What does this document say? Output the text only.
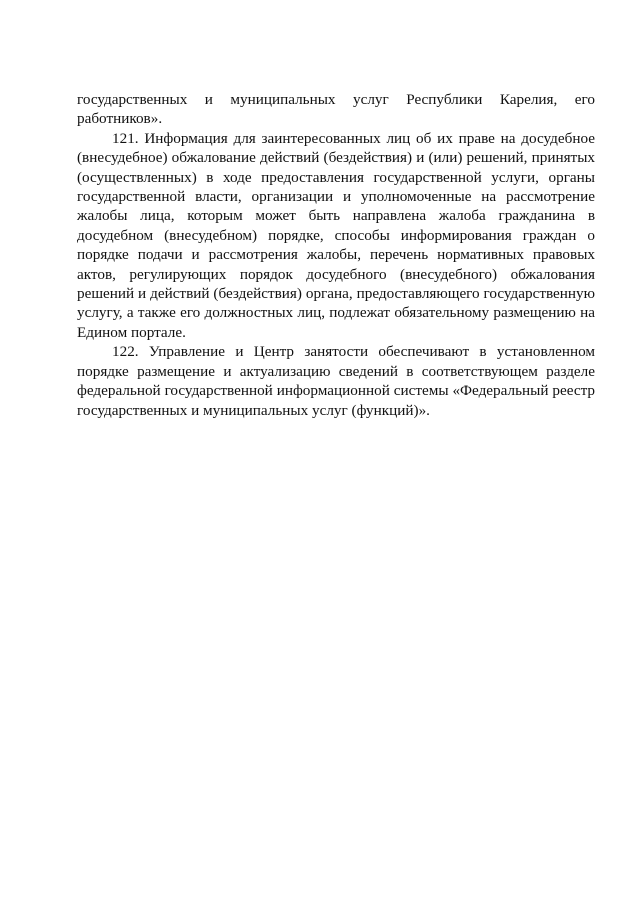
государственных и муниципальных услуг Республики Карелия, его работников».

121. Информация для заинтересованных лиц об их праве на досудебное (внесудебное) обжалование действий (бездействия) и (или) решений, принятых (осуществленных) в ходе предоставления государственной услуги, органы государственной власти, организации и уполномоченные на рассмотрение жалобы лица, которым может быть направлена жалоба гражданина в досудебном (внесудебном) порядке, способы информирования граждан о порядке подачи и рассмотрения жалобы, перечень нормативных правовых актов, регулирующих порядок досудебного (внесудебного) обжалования решений и действий (бездействия) органа, предоставляющего государственную услугу, а также его должностных лиц, подлежат обязательному размещению на Едином портале.

122. Управление и Центр занятости обеспечивают в установленном порядке размещение и актуализацию сведений в соответствующем разделе федеральной государственной информационной системы «Федеральный реестр государственных и муниципальных услуг (функций)».
